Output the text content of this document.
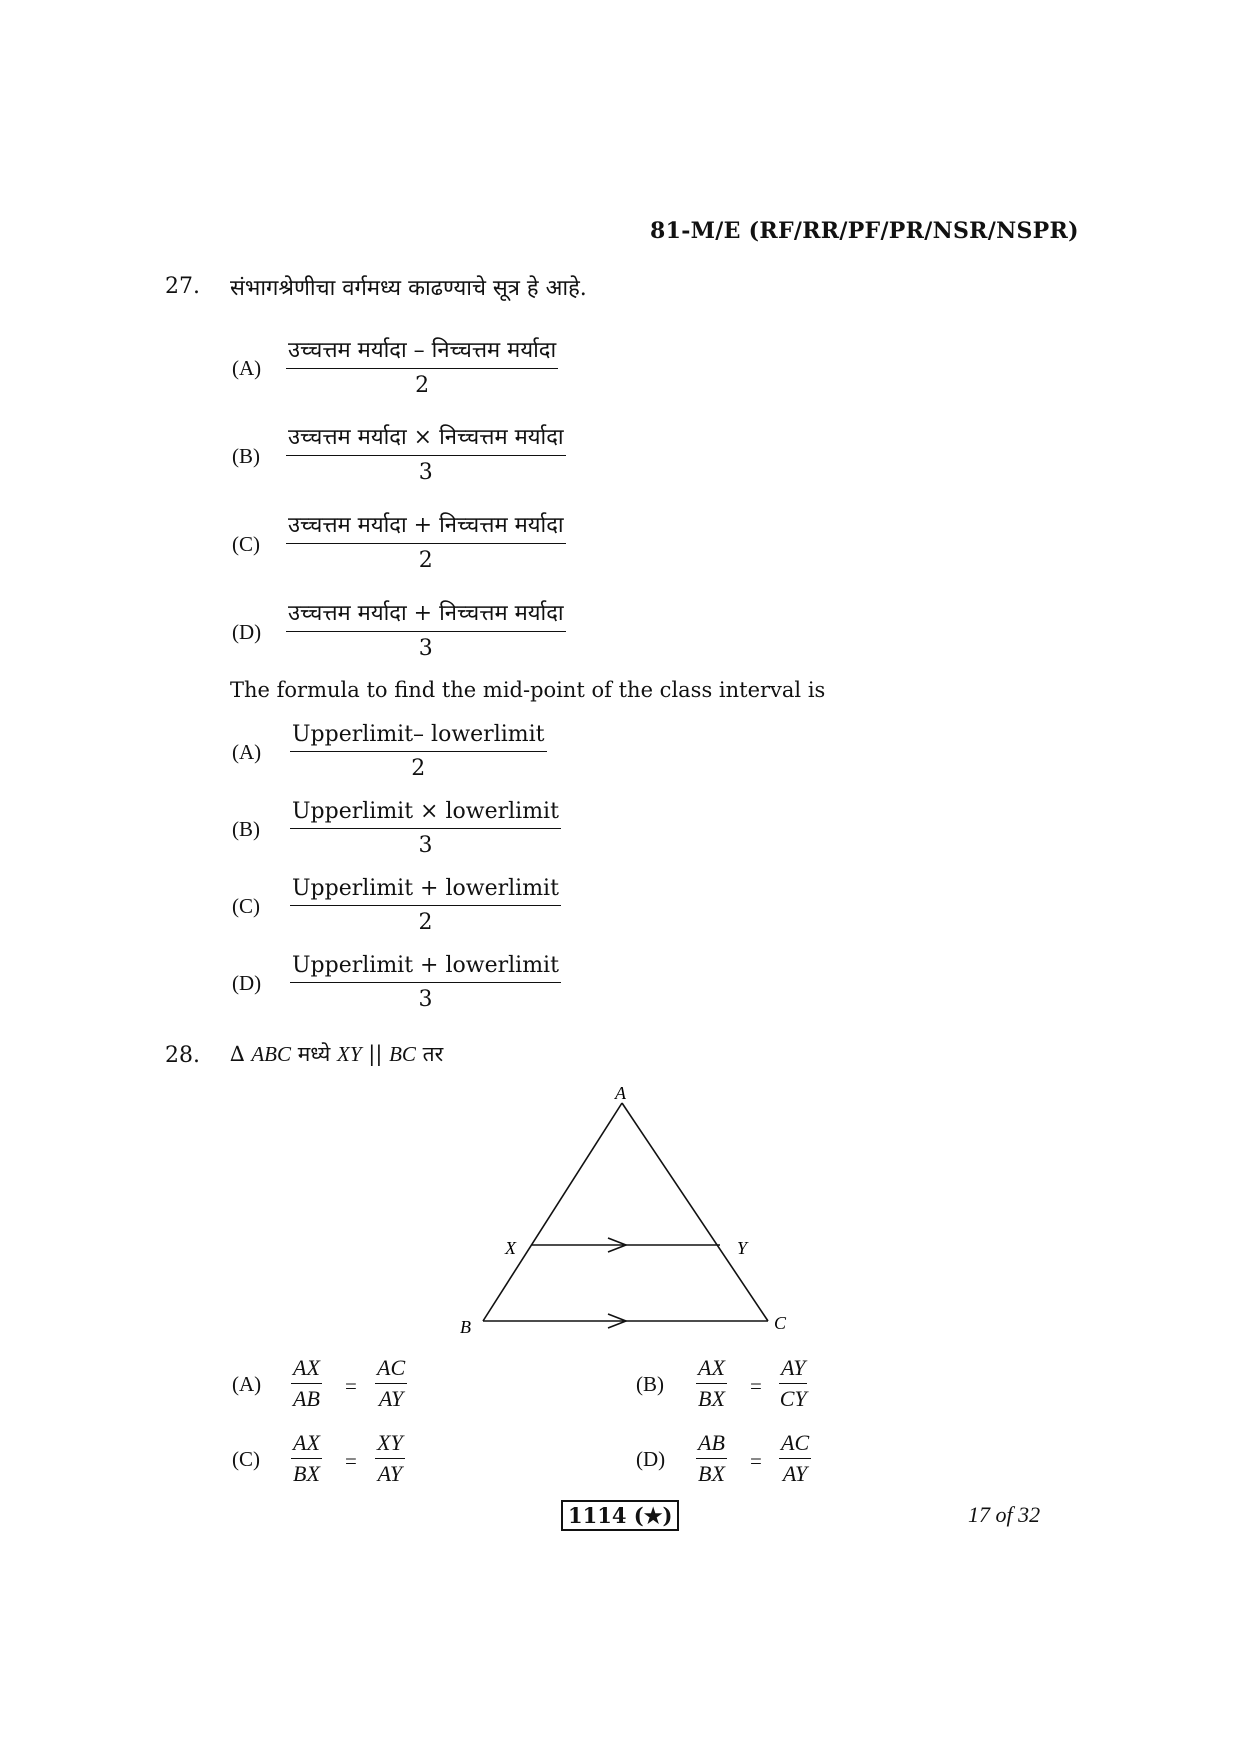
81-M/E (RF/RR/PF/PR/NSR/NSPR)
27. संभागश्रेणीचा वर्गमध्य काढण्याचे सूत्र हे आहे.
(A)
उच्चत्तम मर्यादा – निच्चत्तम मर्यादा
2
(B)
उच्चत्तम मर्यादा × निच्चत्तम मर्यादा
3
(C)
उच्चत्तम मर्यादा + निच्चत्तम मर्यादा
2
(D)
उच्चत्तम मर्यादा + निच्चत्तम मर्यादा
3
The formula to find the mid-point of the class interval is
(A)
Upperlimit– lowerlimit
2
(B)
Upperlimit × lowerlimit
3
(C)
Upperlimit + lowerlimit
2
(D)
Upperlimit + lowerlimit
3
28. ∆ ABC मध्ये XY || BC तर
A
B	C
X	Y
$(A) \frac{AX}{AB} = \frac{AC}{AY}$	$(B) \frac{AX}{BX} = \frac{AY}{CY}$
$(C) \frac{AX}{BX} = \frac{XY}{AY}$	$(D) \frac{AB}{BX} = \frac{AC}{AY}$
1114 (★)	17 of 32
